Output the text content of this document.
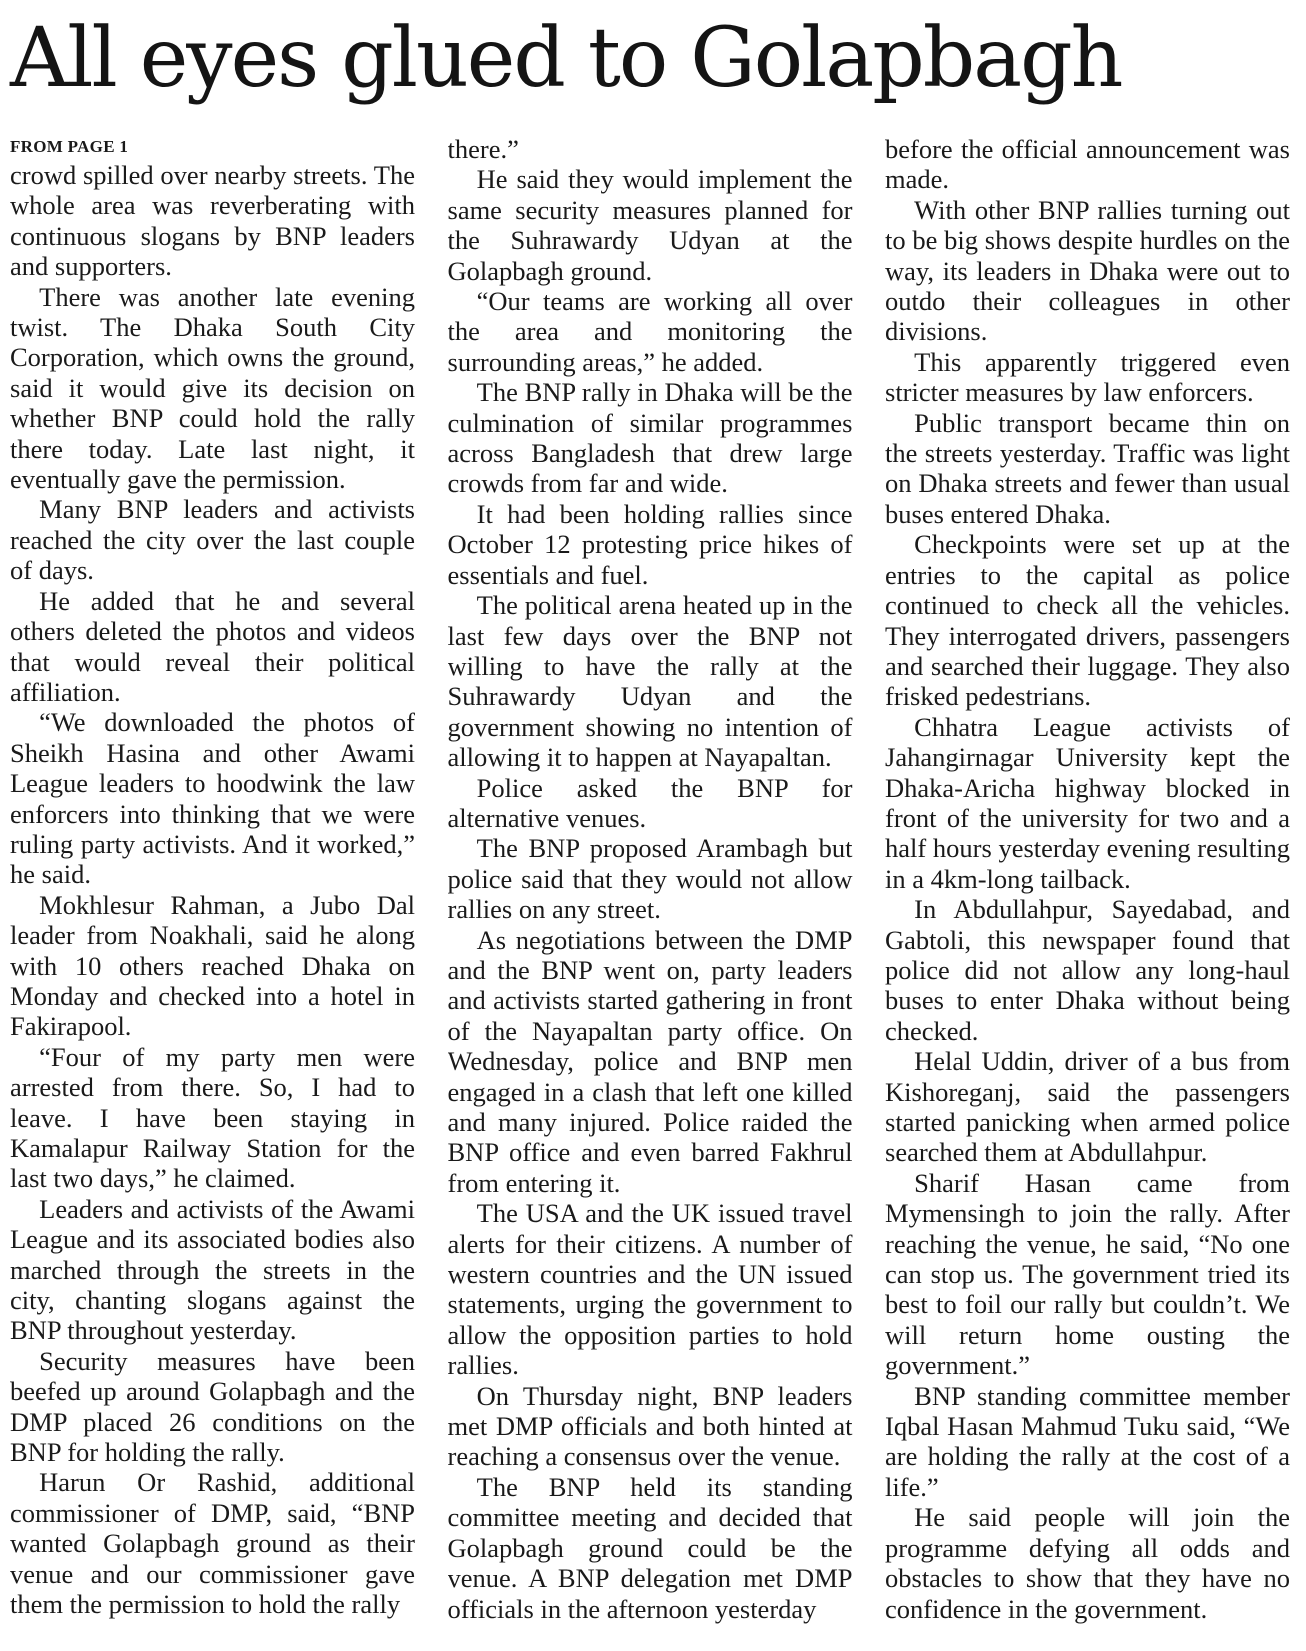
All eyes glued to Golapbagh
FROM PAGE 1

crowd spilled over nearby streets. The whole area was reverberating with continuous slogans by BNP leaders and supporters.

There was another late evening twist. The Dhaka South City Corporation, which owns the ground, said it would give its decision on whether BNP could hold the rally there today. Late last night, it eventually gave the permission.

Many BNP leaders and activists reached the city over the last couple of days.

He added that he and several others deleted the photos and videos that would reveal their political affiliation.

“We downloaded the photos of Sheikh Hasina and other Awami League leaders to hoodwink the law enforcers into thinking that we were ruling party activists. And it worked,” he said.

Mokhlesur Rahman, a Jubo Dal leader from Noakhali, said he along with 10 others reached Dhaka on Monday and checked into a hotel in Fakirapool.

“Four of my party men were arrested from there. So, I had to leave. I have been staying in Kamalapur Railway Station for the last two days,” he claimed.

Leaders and activists of the Awami League and its associated bodies also marched through the streets in the city, chanting slogans against the BNP throughout yesterday.

Security measures have been beefed up around Golapbagh and the DMP placed 26 conditions on the BNP for holding the rally.

Harun Or Rashid, additional commissioner of DMP, said, “BNP wanted Golapbagh ground as their venue and our commissioner gave them the permission to hold the rally

there.”

He said they would implement the same security measures planned for the Suhrawardy Udyan at the Golapbagh ground.

“Our teams are working all over the area and monitoring the surrounding areas,” he added.

The BNP rally in Dhaka will be the culmination of similar programmes across Bangladesh that drew large crowds from far and wide.

It had been holding rallies since October 12 protesting price hikes of essentials and fuel.

The political arena heated up in the last few days over the BNP not willing to have the rally at the Suhrawardy Udyan and the government showing no intention of allowing it to happen at Nayapaltan.

Police asked the BNP for alternative venues.

The BNP proposed Arambagh but police said that they would not allow rallies on any street.

As negotiations between the DMP and the BNP went on, party leaders and activists started gathering in front of the Nayapaltan party office. On Wednesday, police and BNP men engaged in a clash that left one killed and many injured. Police raided the BNP office and even barred Fakhrul from entering it.

The USA and the UK issued travel alerts for their citizens. A number of western countries and the UN issued statements, urging the government to allow the opposition parties to hold rallies.

On Thursday night, BNP leaders met DMP officials and both hinted at reaching a consensus over the venue.

The BNP held its standing committee meeting and decided that Golapbagh ground could be the venue. A BNP delegation met DMP officials in the afternoon yesterday

before the official announcement was made.

With other BNP rallies turning out to be big shows despite hurdles on the way, its leaders in Dhaka were out to outdo their colleagues in other divisions.

This apparently triggered even stricter measures by law enforcers.

Public transport became thin on the streets yesterday. Traffic was light on Dhaka streets and fewer than usual buses entered Dhaka.

Checkpoints were set up at the entries to the capital as police continued to check all the vehicles. They interrogated drivers, passengers and searched their luggage. They also frisked pedestrians.

Chhatra League activists of Jahangirnagar University kept the Dhaka-Aricha highway blocked in front of the university for two and a half hours yesterday evening resulting in a 4km-long tailback.

In Abdullahpur, Sayedabad, and Gabtoli, this newspaper found that police did not allow any long-haul buses to enter Dhaka without being checked.

Helal Uddin, driver of a bus from Kishoreganj, said the passengers started panicking when armed police searched them at Abdullahpur.

Sharif Hasan came from Mymensingh to join the rally. After reaching the venue, he said, “No one can stop us. The government tried its best to foil our rally but couldn’t. We will return home ousting the government.”

BNP standing committee member Iqbal Hasan Mahmud Tuku said, “We are holding the rally at the cost of a life.”

He said people will join the programme defying all odds and obstacles to show that they have no confidence in the government.
